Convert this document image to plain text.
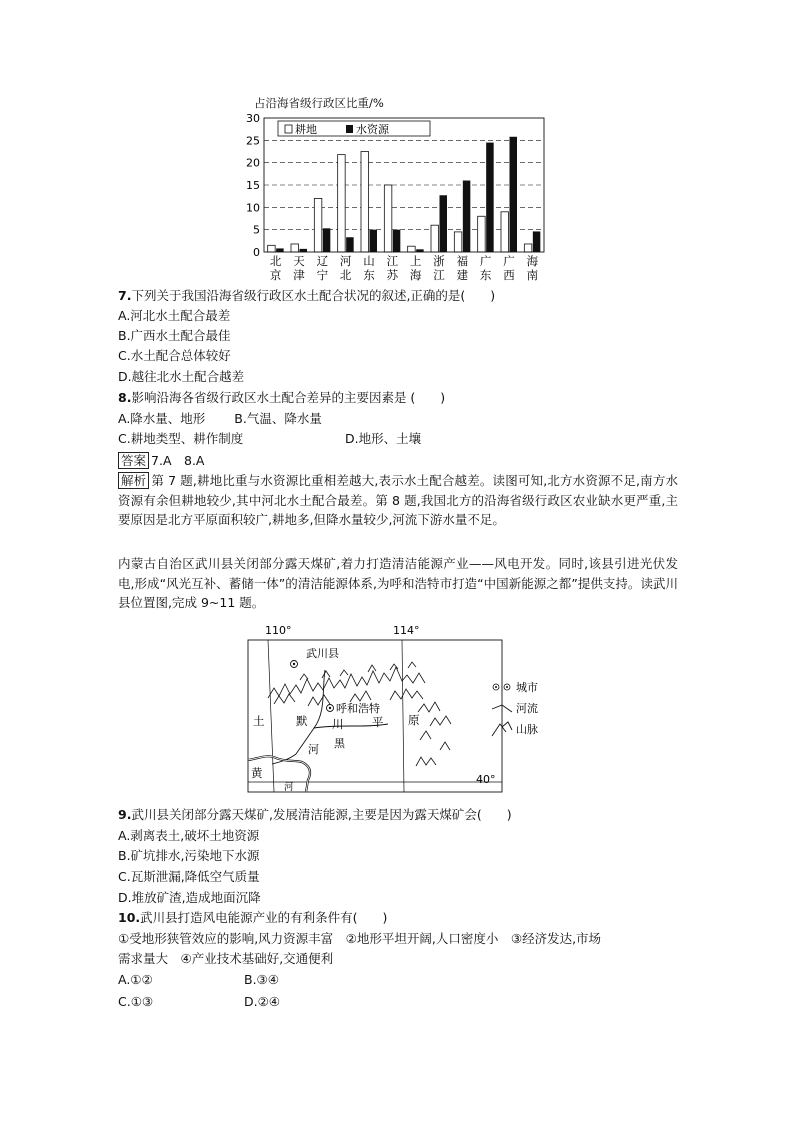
占沿海省级行政区比重/%
0
5
10
15
20
25
30
北
京
天
津
辽
宁
河
北
山
东
江
苏
上
海
浙
江
福
建
广
东
广
西
海
南
耕地	水资源
7.下列关于我国沿海省级行政区水土配合状况的叙述,正确的是(　　)
A.河北水土配合最差
B.广西水土配合最佳
C.水土配合总体较好
D.越往北水土配合越差
8.影响沿海各省级行政区水土配合差异的主要因素是 (　　)
A.降水量、地形　　 B.气温、降水量
C.耕地类型、耕作制度	D.地形、土壤
答案 7.A　8.A
解析 第 7 题,耕地比重与水资源比重相差越大,表示水土配合越差。读图可知,北方水资源不足,南方水资源有余但耕地较少,其中河北水土配合最差。第 8 题,我国北方的沿海省级行政区农业缺水更严重,主要原因是北方平原面积较广,耕地多,但降水量较少,河流下游水量不足。
内蒙古自治区武川县关闭部分露天煤矿,着力打造清洁能源产业——风电开发。同时,该县引进光伏发电,形成“风光互补、蓄储一体”的清洁能源体系,为呼和浩特市打造“中国新能源之都”提供支持。读武川县位置图,完成 9~11 题。
110°	114°
40°
武川县
呼和浩特
土	默 川 平 原
河 黑
黄
河
城市
河流
山脉
9.武川县关闭部分露天煤矿,发展清洁能源,主要是因为露天煤矿会(　　)
A.剥离表土,破坏土地资源
B.矿坑排水,污染地下水源
C.瓦斯泄漏,降低空气质量
D.堆放矿渣,造成地面沉降
10.武川县打造风电能源产业的有利条件有(　　)
①受地形狭管效应的影响,风力资源丰富　②地形平坦开阔,人口密度小　③经济发达,市场
需求量大　④产业技术基础好,交通便利
A.①②	B.③④
C.①③	D.②④
